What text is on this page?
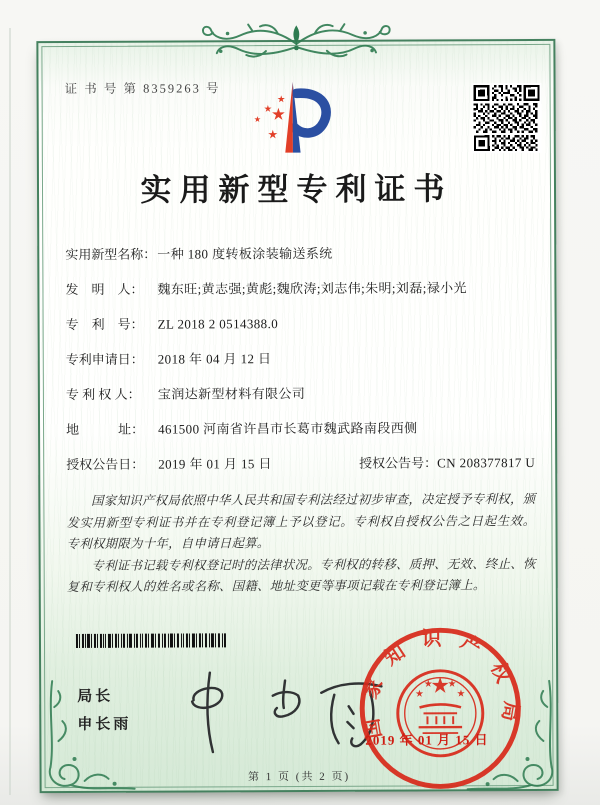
证 书 号 第 8359263 号
实用新型专利证书
实用新型名称： 一种 180 度转板涂装输送系统
发　明　人：	魏东旺;黄志强;黄彪;魏欣涛;刘志伟;朱明;刘磊;禄小光
专　利　号：	ZL 2018 2 0514388.0
专利申请日：	2018 年 04 月 12 日
专 利 权 人：	宝润达新型材料有限公司
地　　　址：	461500 河南省许昌市长葛市魏武路南段西侧
授权公告日：	2019 年 01 月 15 日	授权公告号： CN 208377817 U

国家知识产权局依照中华人民共和国专利法经过初步审查，决定授予专利权，颁发实用新型专利证书并在专利登记簿上予以登记。专利权自授权公告之日起生效。专利权期限为十年，自申请日起算。

专利证书记载专利权登记时的法律状况。专利权的转移、质押、无效、终止、恢复和专利权人的姓名或名称、国籍、地址变更等事项记载在专利登记簿上。

局长
申长雨	国家知识产权局
2019 年 01 月 15 日
第 1 页 (共 2 页)
